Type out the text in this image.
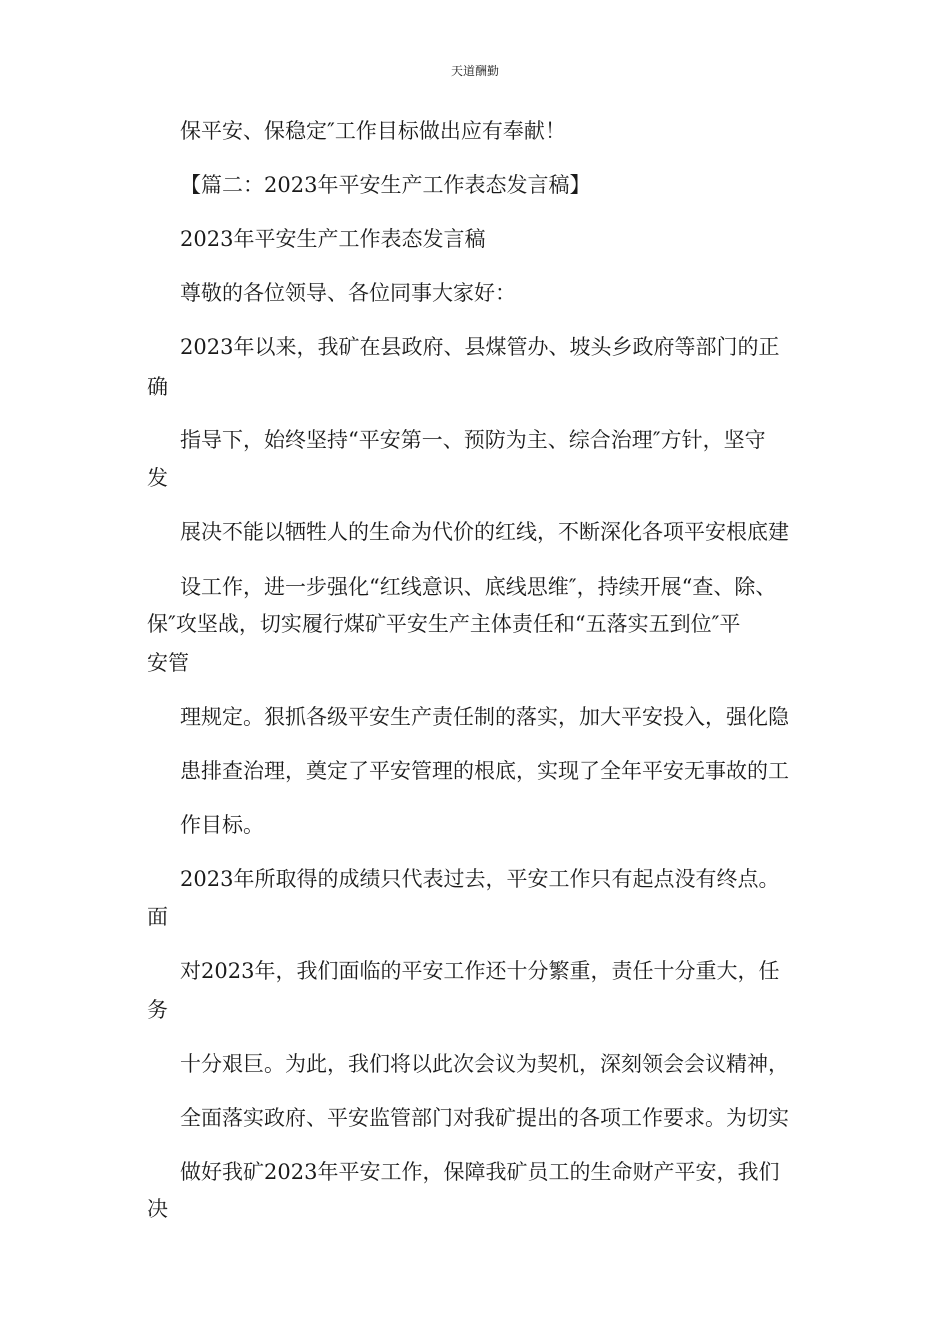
天道酬勤
保平安、保稳定″工作目标做出应有奉献！
【篇二：2023年平安生产工作表态发言稿】
2023年平安生产工作表态发言稿
尊敬的各位领导、各位同事大家好：
2023年以来，我矿在县政府、县煤管办、坡头乡政府等部门的正
确
指导下，始终坚持“平安第一、预防为主、综合治理″方针，坚守
发
展决不能以牺牲人的生命为代价的红线，不断深化各项平安根底建
设工作，进一步强化“红线意识、底线思维″，持续开展“查、除、
保″攻坚战，切实履行煤矿平安生产主体责任和“五落实五到位″平
安管
理规定。狠抓各级平安生产责任制的落实，加大平安投入，强化隐
患排查治理，奠定了平安管理的根底，实现了全年平安无事故的工
作目标。
2023年所取得的成绩只代表过去，平安工作只有起点没有终点。
面
对2023年，我们面临的平安工作还十分繁重，责任十分重大，任
务
十分艰巨。为此，我们将以此次会议为契机，深刻领会会议精神，
全面落实政府、平安监管部门对我矿提出的各项工作要求。为切实
做好我矿2023年平安工作，保障我矿员工的生命财产平安，我们
决
